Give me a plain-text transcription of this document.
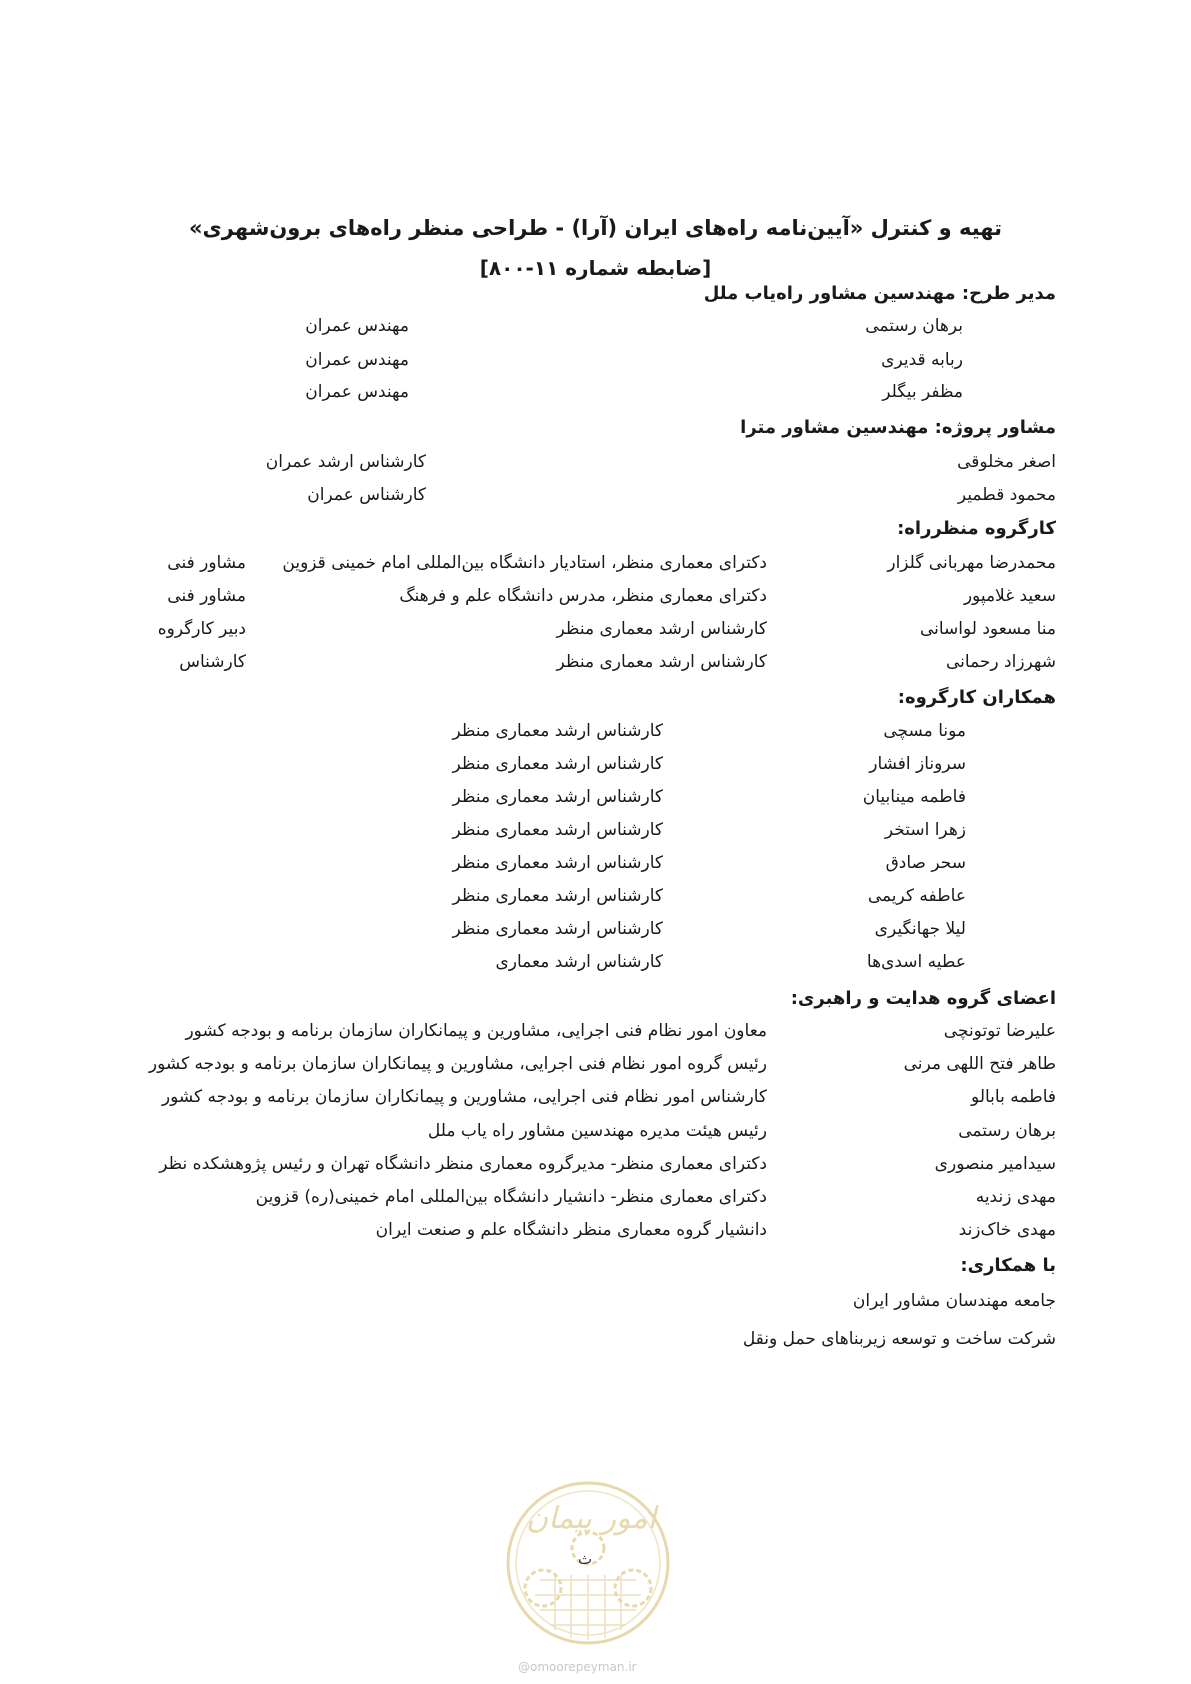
تهیه و کنترل «آیین‌نامه راه‌های ایران (آرا) - طراحی منظر راه‌های برون‌شهری»
[ضابطه شماره ۱۱-۸۰۰]
مدیر طرح: مهندسین مشاور راه‌یاب ملل
برهان رستمی
مهندس عمران
ربابه قدیری
مهندس عمران
مظفر بیگلر
مهندس عمران
مشاور پروژه: مهندسین مشاور مترا
اصغر مخلوقی
کارشناس ارشد عمران
محمود قطمیر
کارشناس عمران
کارگروه منظرراه:
محمدرضا مهربانی گلزار
دکترای معماری منظر، استادیار دانشگاه بین‌المللی امام خمینی قزوین
مشاور فنی
سعید غلامپور
دکترای معماری منظر، مدرس دانشگاه علم و فرهنگ
مشاور فنی
منا مسعود لواسانی
کارشناس ارشد معماری منظر
دبیر کارگروه
شهرزاد رحمانی
کارشناس ارشد معماری منظر
کارشناس
همکاران کارگروه:
مونا مسچی
کارشناس ارشد معماری منظر
سروناز افشار
کارشناس ارشد معماری منظر
فاطمه مینابیان
کارشناس ارشد معماری منظر
زهرا استخر
کارشناس ارشد معماری منظر
سحر صادق
کارشناس ارشد معماری منظر
عاطفه کریمی
کارشناس ارشد معماری منظر
لیلا جهانگیری
کارشناس ارشد معماری منظر
عطیه اسدی‌ها
کارشناس ارشد معماری
اعضای گروه هدایت و راهبری:
علیرضا توتونچی
معاون امور نظام فنی اجرایی، مشاورین و پیمانکاران سازمان برنامه و بودجه کشور
طاهر فتح اللهی مرنی
رئیس گروه امور نظام فنی اجرایی، مشاورین و پیمانکاران سازمان برنامه و بودجه کشور
فاطمه بابالو
کارشناس امور نظام فنی اجرایی، مشاورین و پیمانکاران سازمان برنامه و بودجه کشور
برهان رستمی
رئیس هیئت مدیره مهندسین مشاور راه یاب ملل
سیدامیر منصوری
دکترای معماری منظر- مدیرگروه معماری منظر دانشگاه تهران و رئیس پژوهشکده نظر
مهدی زندیه
دکترای معماری منظر- دانشیار دانشگاه بین‌المللی امام خمینی(ره) قزوین
مهدی خاک‌زند
دانشیار گروه معماری منظر دانشگاه علم و صنعت ایران
با همکاری:
جامعه مهندسان مشاور ایران
شرکت ساخت و توسعه زیربناهای حمل ونقل
امور پیمان
ث
@omoorepeyman.ir
